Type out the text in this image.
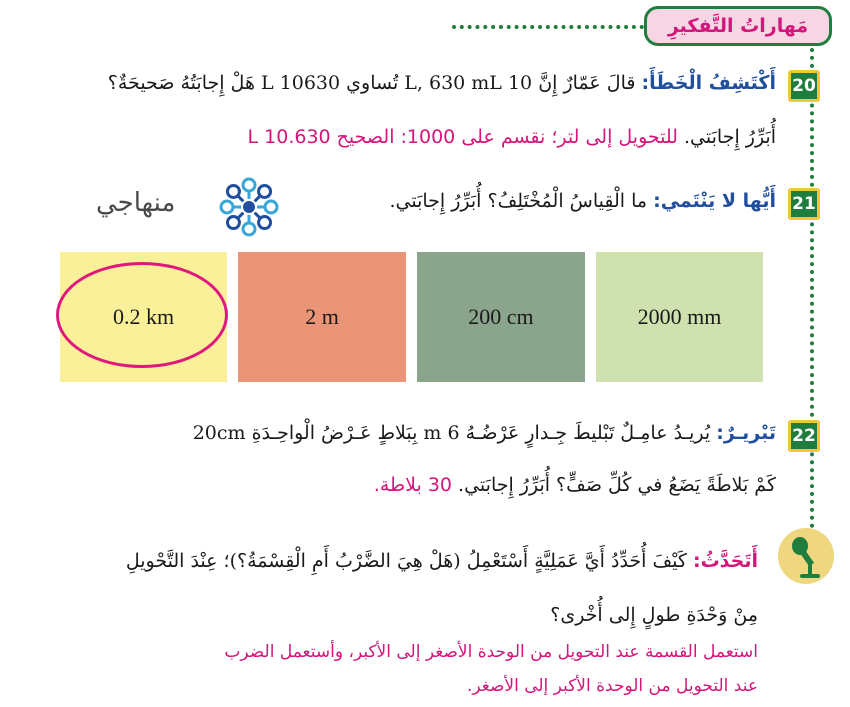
مَهاراتُ التَّفكيرِ
20
أَكْتَشِفُ الْخَطَأَ: قالَ عَمّارٌ إِنَّ 10 L, 630 mL تُساوي 10630 L هَلْ إِجابَتُهُ صَحيحَةٌ؟
أُبَرِّرُ إِجابَتي. للتحويل إلى لتر؛ نقسم على 1000: الصحيح 10.630 L
21
أَيُّها لا يَنْتَمي: ما الْقِياسُ الْمُخْتَلِفُ؟ أُبَرِّرُ إِجابَتي.
منهاجي
2000 mm
200 cm
2 m
0.2 km
22
تَبْريـرٌ: يُريـدُ عامِـلٌ تَبْليطَ جِـدارٍ عَرْضُـهُ 6 m بِبَلاطٍ عَـرْضُ الْواحِـدَةِ 20cm
كَمْ بَلاطَةً يَضَعُ في كُلِّ صَفٍّ؟ أُبَرِّرُ إِجابَتي. 30 بلاطة.
أَتَحَدَّثُ: كَيْفَ أُحَدِّدُ أَيَّ عَمَلِيَّةٍ أَسْتَعْمِلُ (هَلْ هِيَ الضَّرْبُ أَمِ الْقِسْمَةُ؟)؛ عِنْدَ التَّحْويلِ
مِنْ وَحْدَةِ طولٍ إِلى أُخْرى؟
استعمل القسمة عند التحويل من الوحدة الأصغر إلى الأكبر، وأستعمل الضرب
عند التحويل من الوحدة الأكبر إلى الأصغر.
